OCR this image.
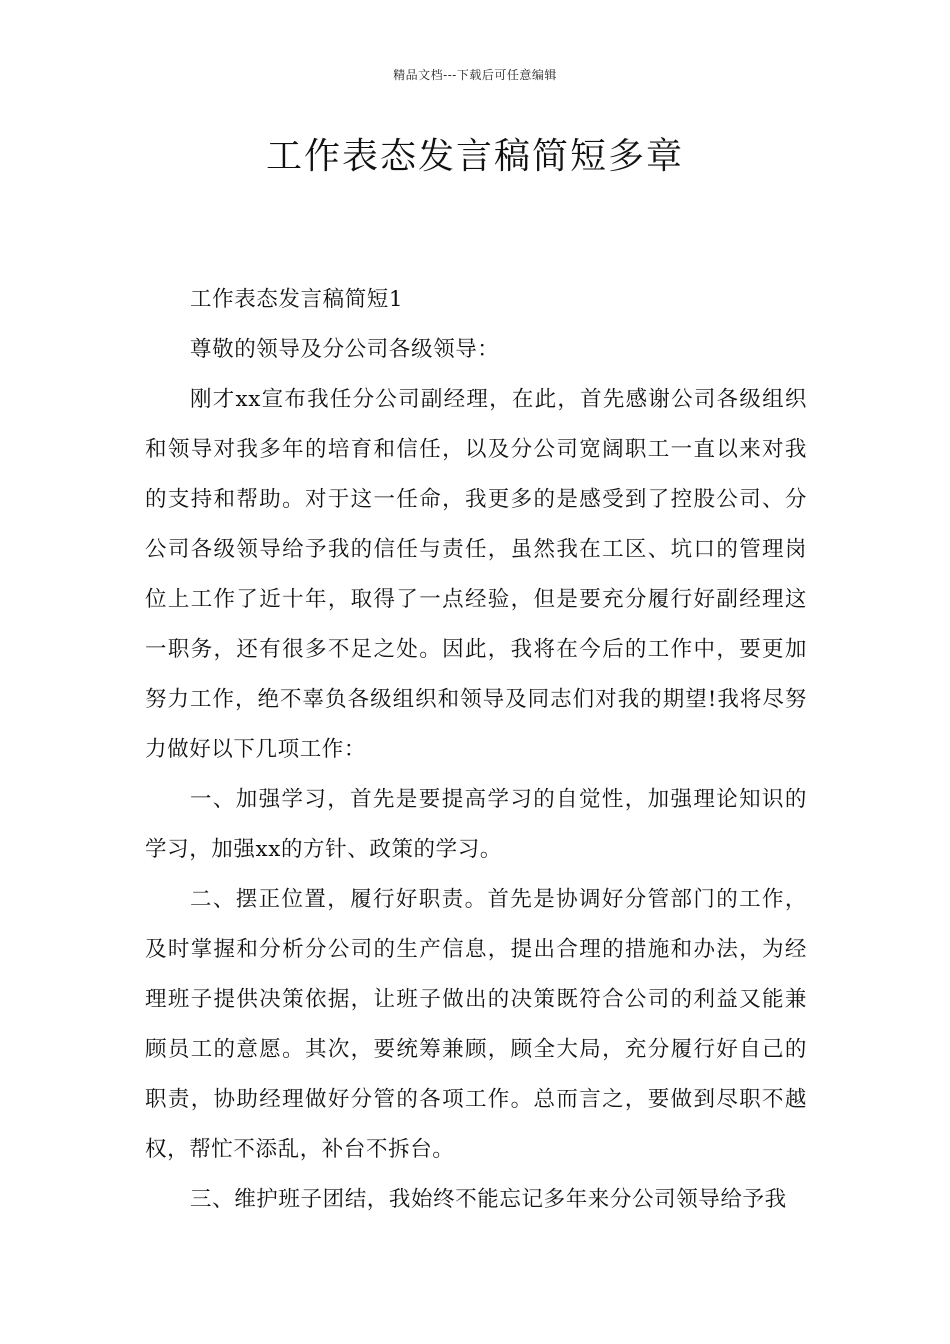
精品文档---下载后可任意编辑
工作表态发言稿简短多章

工作表态发言稿简短1

尊敬的领导及分公司各级领导：

刚才xx宣布我任分公司副经理，在此，首先感谢公司各级组织和领导对我多年的培育和信任，以及分公司宽阔职工一直以来对我的支持和帮助。对于这一任命，我更多的是感受到了控股公司、分公司各级领导给予我的信任与责任，虽然我在工区、坑口的管理岗位上工作了近十年，取得了一点经验，但是要充分履行好副经理这一职务，还有很多不足之处。因此，我将在今后的工作中，要更加努力工作，绝不辜负各级组织和领导及同志们对我的期望!我将尽努力做好以下几项工作：

一、加强学习，首先是要提高学习的自觉性，加强理论知识的学习，加强xx的方针、政策的学习。

二、摆正位置，履行好职责。首先是协调好分管部门的工作，及时掌握和分析分公司的生产信息，提出合理的措施和办法，为经理班子提供决策依据，让班子做出的决策既符合公司的利益又能兼顾员工的意愿。其次，要统筹兼顾，顾全大局，充分履行好自己的职责，协助经理做好分管的各项工作。总而言之，要做到尽职不越权，帮忙不添乱，补台不拆台。

三、维护班子团结，我始终不能忘记多年来分公司领导给予我
